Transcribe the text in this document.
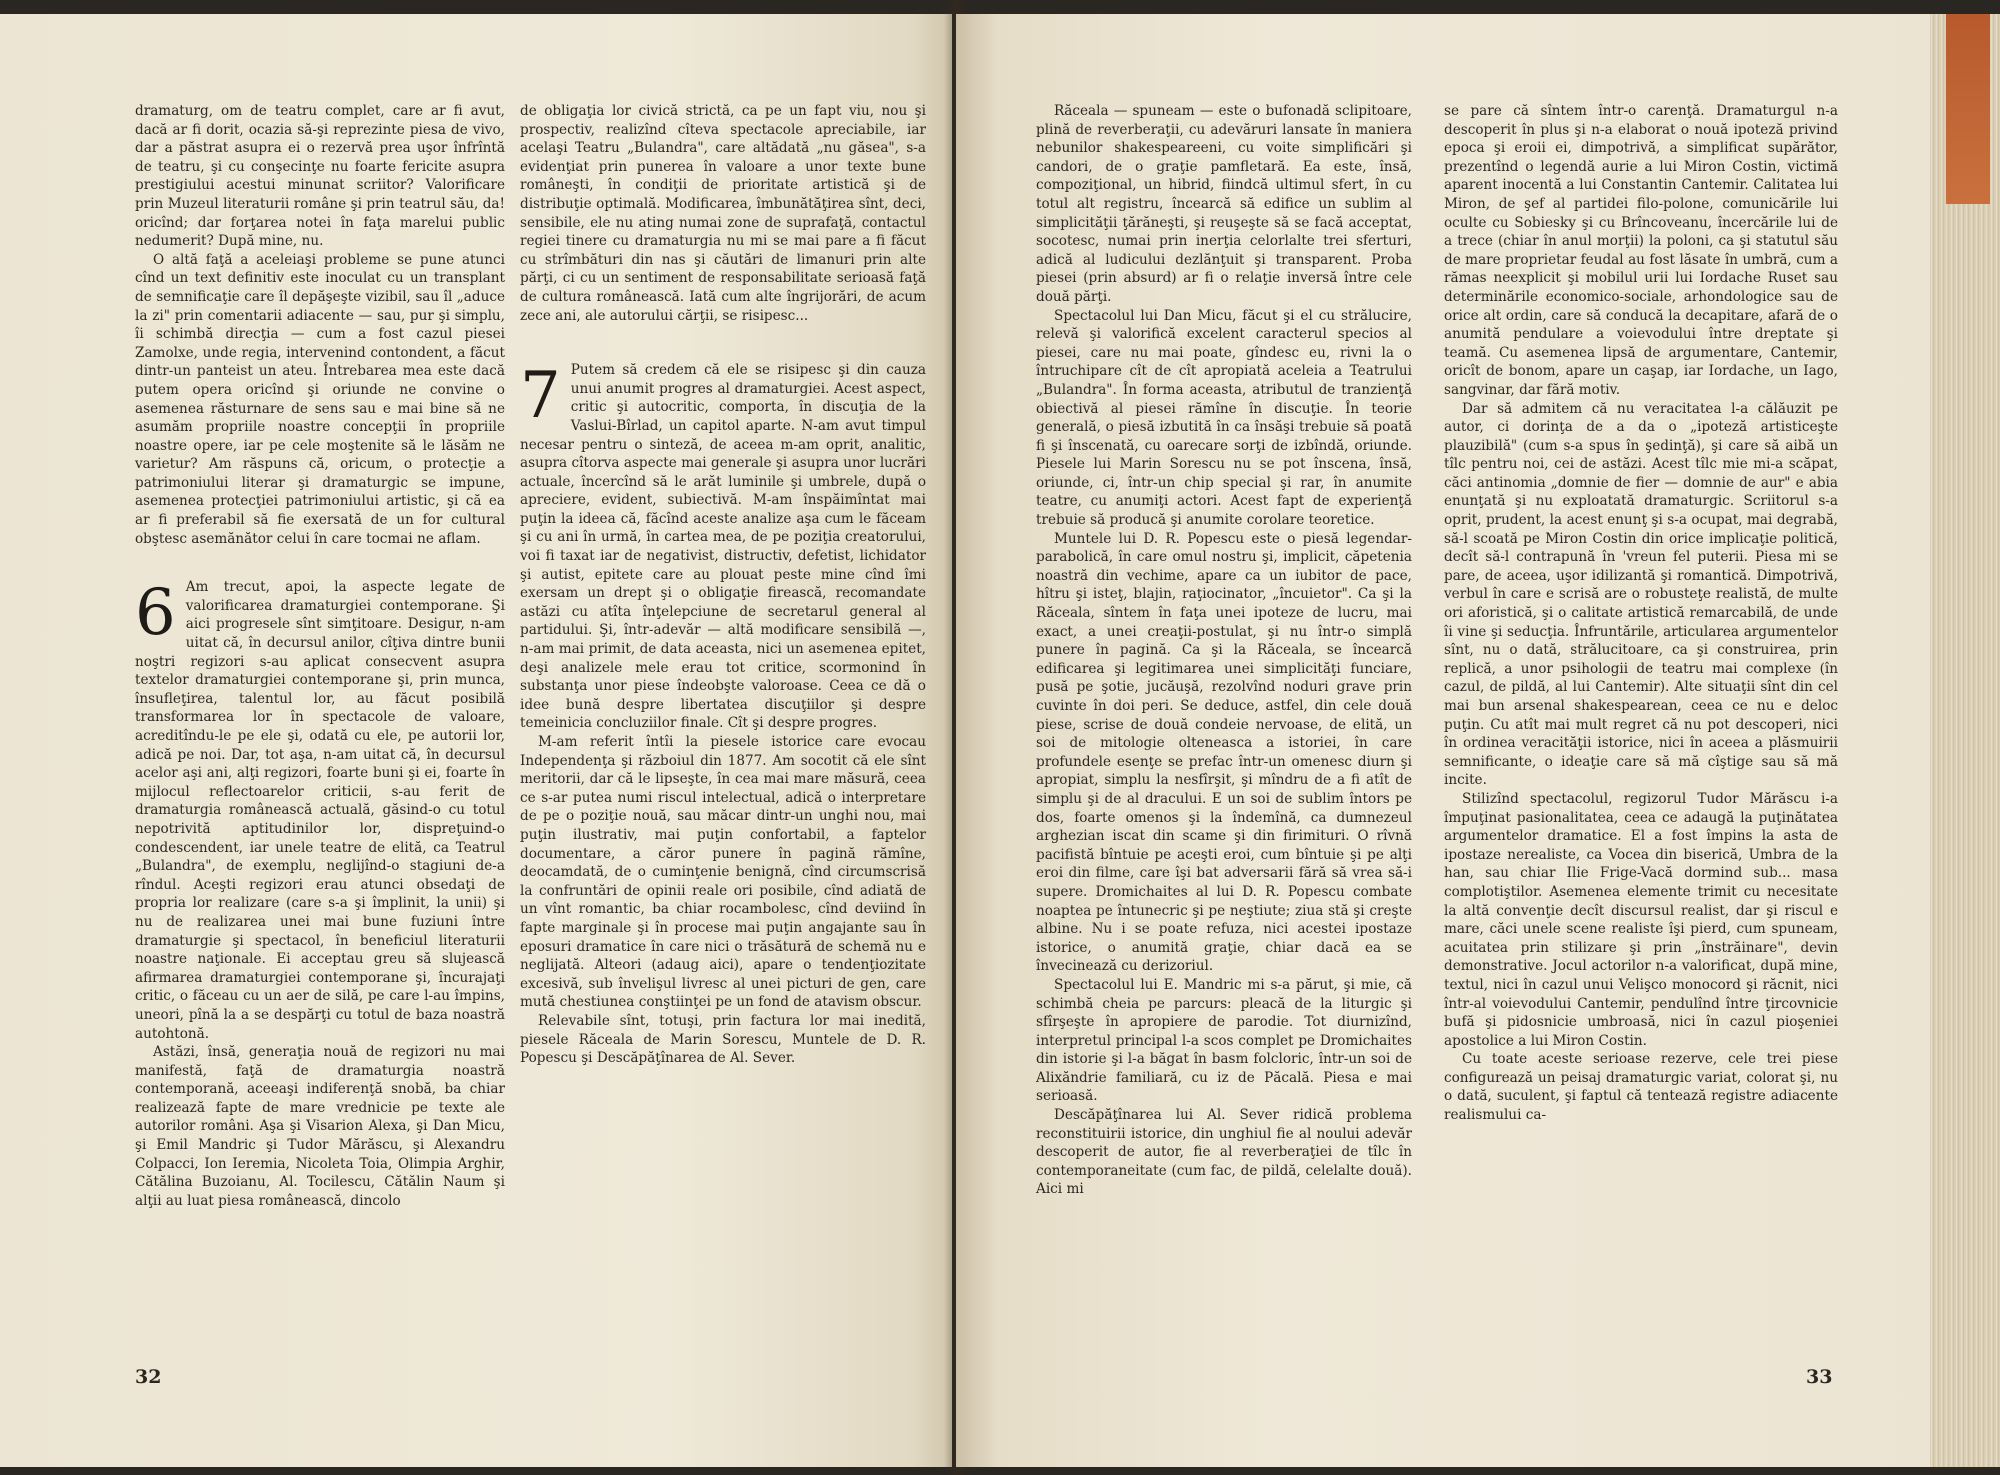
dramaturg, om de teatru complet, care ar fi avut, dacă ar fi dorit, ocazia să-şi reprezinte piesa de vivo, dar a păstrat asupra ei o rezervă prea uşor înfrîntă de teatru, şi cu conşecinţe nu foarte fericite asupra prestigiului acestui minunat scriitor? Valorificare prin Muzeul literaturii române şi prin teatrul său, da! oricînd; dar forţarea notei în faţa marelui public nedumerit? După mine, nu.

O altă faţă a aceleiaşi probleme se pune atunci cînd un text definitiv este inoculat cu un transplant de semnificaţie care îl depăşeşte vizibil, sau îl „aduce la zi" prin comentarii adiacente — sau, pur şi simplu, îi schimbă direcţia — cum a fost cazul piesei Zamolxe, unde regia, intervenind contondent, a făcut dintr-un panteist un ateu. Întrebarea mea este dacă putem opera oricînd şi oriunde ne convine o asemenea răsturnare de sens sau e mai bine să ne asumăm propriile noastre concepţii în propriile noastre opere, iar pe cele moştenite să le lăsăm ne varietur? Am răspuns că, oricum, o protecţie a patrimoniului literar şi dramaturgic se impune, asemenea protecţiei patrimoniului artistic, şi că ea ar fi preferabil să fie exersată de un for cultural obştesc asemănător celui în care tocmai ne aflam.

6 Am trecut, apoi, la aspecte legate de valorificarea dramaturgiei contemporane. Şi aici progresele sînt simţitoare. Desigur, n-am uitat că, în decursul anilor, cîţiva dintre bunii noştri regizori s-au aplicat consecvent asupra textelor dramaturgiei contemporane şi, prin munca, însufleţirea, talentul lor, au făcut posibilă transformarea lor în spectacole de valoare, acreditîndu-le pe ele şi, odată cu ele, pe autorii lor, adică pe noi. Dar, tot aşa, n-am uitat că, în decursul acelor aşi ani, alţi regizori, foarte buni şi ei, foarte în mijlocul reflectoarelor criticii, s-au ferit de dramaturgia românească actuală, găsind-o cu totul nepotrivită aptitudinilor lor, dispreţuind-o condescendent, iar unele teatre de elită, ca Teatrul „Bulandra", de exemplu, neglijînd-o stagiuni de-a rîndul. Aceşti regizori erau atunci obsedaţi de propria lor realizare (care s-a şi împlinit, la unii) şi nu de realizarea unei mai bune fuziuni între dramaturgie şi spectacol, în beneficiul literaturii noastre naţionale. Ei acceptau greu să slujească afirmarea dramaturgiei contemporane şi, încurajaţi critic, o făceau cu un aer de silă, pe care l-au împins, uneori, pînă la a se despărţi cu totul de baza noastră autohtonă.

Astăzi, însă, generaţia nouă de regizori nu mai manifestă, faţă de dramaturgia noastră contemporană, aceeaşi indiferenţă snobă, ba chiar realizează fapte de mare vrednicie pe texte ale autorilor români. Aşa şi Visarion Alexa, şi Dan Micu, şi Emil Mandric şi Tudor Mărăscu, şi Alexandru Colpacci, Ion Ieremia, Nicoleta Toia, Olimpia Arghir, Cătălina Buzoianu, Al. Tocilescu, Cătălin Naum şi alţii au luat piesa românească, dincolo

de obligaţia lor civică strictă, ca pe un fapt viu, nou şi prospectiv, realizînd cîteva spectacole apreciabile, iar acelaşi Teatru „Bulandra", care altădată „nu găsea", s-a evidenţiat prin punerea în valoare a unor texte bune româneşti, în condiţii de prioritate artistică şi de distribuţie optimală. Modificarea, îmbunătăţirea sînt, deci, sensibile, ele nu ating numai zone de suprafaţă, contactul regiei tinere cu dramaturgia nu mi se mai pare a fi făcut cu strîmbături din nas şi căutări de limanuri prin alte părţi, ci cu un sentiment de responsabilitate serioasă faţă de cultura românească. Iată cum alte îngrijorări, de acum zece ani, ale autorului cărţii, se risipesc...

7 Putem să credem că ele se risipesc şi din cauza unui anumit progres al dramaturgiei. Acest aspect, critic şi autocritic, comporta, în discuţia de la Vaslui-Bîrlad, un capitol aparte. N-am avut timpul necesar pentru o sinteză, de aceea m-am oprit, analitic, asupra cîtorva aspecte mai generale şi asupra unor lucrări actuale, încercînd să le arăt luminile şi umbrele, după o apreciere, evident, subiectivă. M-am înspăimîntat mai puţin la ideea că, făcînd aceste analize aşa cum le făceam şi cu ani în urmă, în cartea mea, de pe poziţia creatorului, voi fi taxat iar de negativist, distructiv, defetist, lichidator şi autist, epitete care au plouat peste mine cînd îmi exersam un drept şi o obligaţie firească, recomandate astăzi cu atîta înţelepciune de secretarul general al partidului. Şi, într-adevăr — altă modificare sensibilă —, n-am mai primit, de data aceasta, nici un asemenea epitet, deşi analizele mele erau tot critice, scormonind în substanţa unor piese îndeobşte valoroase. Ceea ce dă o idee bună despre libertatea discuţiilor şi despre temeinicia concluziilor finale. Cît şi despre progres.

M-am referit întîi la piesele istorice care evocau Independenţa şi războiul din 1877. Am socotit că ele sînt meritorii, dar că le lipseşte, în cea mai mare măsură, ceea ce s-ar putea numi riscul intelectual, adică o interpretare de pe o poziţie nouă, sau măcar dintr-un unghi nou, mai puţin ilustrativ, mai puţin confortabil, a faptelor documentare, a căror punere în pagină rămîne, deocamdată, de o cuminţenie benignă, cînd circumscrisă la confruntări de opinii reale ori posibile, cînd adiată de un vînt romantic, ba chiar rocambolesc, cînd deviind în fapte marginale şi în procese mai puţin angajante sau în eposuri dramatice în care nici o trăsătură de schemă nu e neglijată. Alteori (adaug aici), apare o tendenţiozitate excesivă, sub învelişul livresc al unei picturi de gen, care mută chestiunea conştiinţei pe un fond de atavism obscur.

Relevabile sînt, totuşi, prin factura lor mai inedită, piesele Răceala de Marin Sorescu, Muntele de D. R. Popescu şi Descăpăţînarea de Al. Sever.

32

Răceala — spuneam — este o bufonadă sclipitoare, plină de reverberaţii, cu adevăruri lansate în maniera nebunilor shakespeareeni, cu voite simplificări şi candori, de o graţie pamfletară. Ea este, însă, compoziţional, un hibrid, fiindcă ultimul sfert, în cu totul alt registru, încearcă să edifice un sublim al simplicităţii ţărăneşti, şi reuşeşte să se facă acceptat, socotesc, numai prin inerţia celorlalte trei sferturi, adică al ludicului dezlănţuit şi transparent. Proba piesei (prin absurd) ar fi o relaţie inversă între cele două părţi.

Spectacolul lui Dan Micu, făcut şi el cu strălucire, relevă şi valorifică excelent caracterul specios al piesei, care nu mai poate, gîndesc eu, rivni la o întruchipare cît de cît apropiată aceleia a Teatrului „Bulandra". În forma aceasta, atributul de tranzienţă obiectivă al piesei rămîne în discuţie. În teorie generală, o piesă izbutită în ca însăşi trebuie să poată fi şi înscenată, cu oarecare sorţi de izbîndă, oriunde. Piesele lui Marin Sorescu nu se pot înscena, însă, oriunde, ci, într-un chip special şi rar, în anumite teatre, cu anumiţi actori. Acest fapt de experienţă trebuie să producă şi anumite corolare teoretice.

Muntele lui D. R. Popescu este o piesă legendar-parabolică, în care omul nostru şi, implicit, căpetenia noastră din vechime, apare ca un iubitor de pace, hîtru şi isteţ, blajin, raţiocinator, „încuietor". Ca şi la Răceala, sîntem în faţa unei ipoteze de lucru, mai exact, a unei creaţii-postulat, şi nu într-o simplă punere în pagină. Ca şi la Răceala, se încearcă edificarea şi legitimarea unei simplicităţi funciare, pusă pe şotie, jucăuşă, rezolvînd noduri grave prin cuvinte în doi peri. Se deduce, astfel, din cele două piese, scrise de două condeie nervoase, de elită, un soi de mitologie olteneasca a istoriei, în care profundele esenţe se prefac într-un omenesc diurn şi apropiat, simplu la nesfîrşit, şi mîndru de a fi atît de simplu şi de al dracului. E un soi de sublim întors pe dos, foarte omenos şi la îndemînă, ca dumnezeul arghezian iscat din scame şi din firimituri. O rîvnă pacifistă bîntuie pe aceşti eroi, cum bîntuie şi pe alţi eroi din filme, care îşi bat adversarii fără să vrea să-i supere. Dromichaites al lui D. R. Popescu combate noaptea pe întunecric şi pe neştiute; ziua stă şi creşte albine. Nu i se poate refuza, nici acestei ipostaze istorice, o anumită graţie, chiar dacă ea se învecinează cu derizoriul.

Spectacolul lui E. Mandric mi s-a părut, şi mie, că schimbă cheia pe parcurs: pleacă de la liturgic şi sfîrşeşte în apropiere de parodie. Tot diurnizînd, interpretul principal l-a scos complet pe Dromichaites din istorie şi l-a băgat în basm folcloric, într-un soi de Alixăndrie familiară, cu iz de Păcală. Piesa e mai serioasă.

Descăpăţînarea lui Al. Sever ridică problema reconstituirii istorice, din unghiul fie al noului adevăr descoperit de autor, fie al reverberaţiei de tîlc în contemporaneitate (cum fac, de pildă, celelalte două). Aici mi

se pare că sîntem într-o carenţă. Dramaturgul n-a descoperit în plus şi n-a elaborat o nouă ipoteză privind epoca şi eroii ei, dimpotrivă, a simplificat supărător, prezentînd o legendă aurie a lui Miron Costin, victimă aparent inocentă a lui Constantin Cantemir. Calitatea lui Miron, de şef al partidei filo-polone, comunicările lui oculte cu Sobiesky şi cu Brîncoveanu, încercările lui de a trece (chiar în anul morţii) la poloni, ca şi statutul său de mare proprietar feudal au fost lăsate în umbră, cum a rămas neexplicit şi mobilul urii lui Iordache Ruset sau determinările economico-sociale, arhondologice sau de orice alt ordin, care să conducă la decapitare, afară de o anumită pendulare a voievodului între dreptate şi teamă. Cu asemenea lipsă de argumentare, Cantemir, oricît de bonom, apare un caşap, iar Iordache, un Iago, sangvinar, dar fără motiv.

Dar să admitem că nu veracitatea l-a călăuzit pe autor, ci dorinţa de a da o „ipoteză artisticeşte plauzibilă" (cum s-a spus în şedinţă), şi care să aibă un tîlc pentru noi, cei de astăzi. Acest tîlc mie mi-a scăpat, căci antinomia „domnie de fier — domnie de aur" e abia enunţată şi nu exploatată dramaturgic. Scriitorul s-a oprit, prudent, la acest enunţ şi s-a ocupat, mai degrabă, să-l scoată pe Miron Costin din orice implicaţie politică, decît să-l contrapună în 'vreun fel puterii. Piesa mi se pare, de aceea, uşor idilizantă şi romantică. Dimpotrivă, verbul în care e scrisă are o robusteţe realistă, de multe ori aforistică, şi o calitate artistică remarcabilă, de unde îi vine şi seducţia. Înfruntările, articularea argumentelor sînt, nu o dată, strălucitoare, ca şi construirea, prin replică, a unor psihologii de teatru mai complexe (în cazul, de pildă, al lui Cantemir). Alte situaţii sînt din cel mai bun arsenal shakespearean, ceea ce nu e deloc puţin. Cu atît mai mult regret că nu pot descoperi, nici în ordinea veracităţii istorice, nici în aceea a plăsmuirii semnificante, o ideaţie care să mă cîştige sau să mă incite.

Stilizînd spectacolul, regizorul Tudor Mărăscu i-a împuţinat pasionalitatea, ceea ce adaugă la puţinătatea argumentelor dramatice. El a fost împins la asta de ipostaze nerealiste, ca Vocea din biserică, Umbra de la han, sau chiar Ilie Frige-Vacă dormind sub... masa complotiştilor. Asemenea elemente trimit cu necesitate la altă convenţie decît discursul realist, dar şi riscul e mare, căci unele scene realiste îşi pierd, cum spuneam, acuitatea prin stilizare şi prin „înstrăinare", devin demonstrative. Jocul actorilor n-a valorificat, după mine, textul, nici în cazul unui Velişco monocord şi răcnit, nici într-al voievodului Cantemir, pendulînd între ţircovnicie bufă şi pidosnicie umbroasă, nici în cazul pioşeniei apostolice a lui Miron Costin.

Cu toate aceste serioase rezerve, cele trei piese configurează un peisaj dramaturgic variat, colorat şi, nu o dată, suculent, şi faptul că tentează registre adiacente realismului ca-

33
